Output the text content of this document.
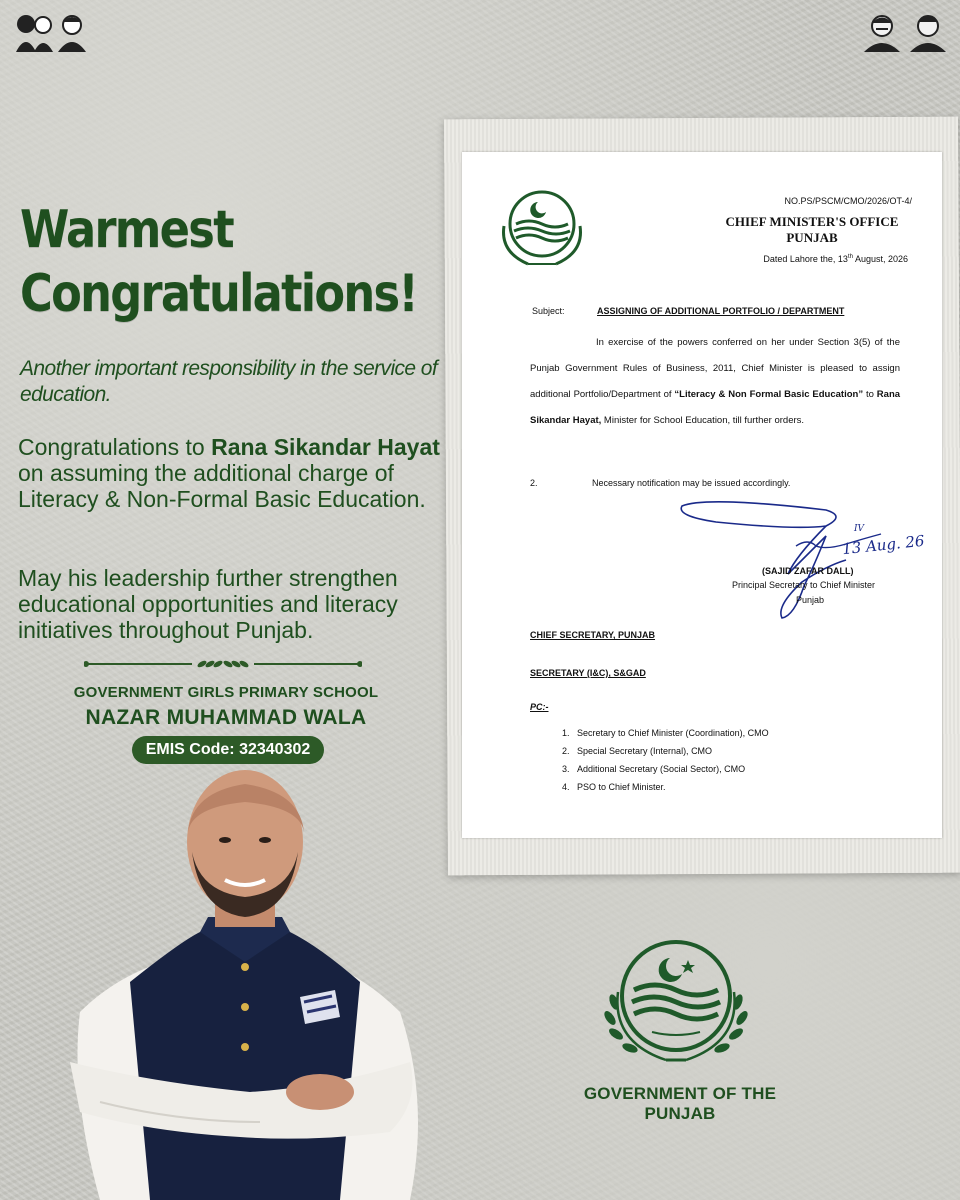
Warmest
Congratulations!
Another important responsibility in the service of education.
Congratulations to Rana Sikandar Hayat on assuming the additional charge of Literacy & Non-Formal Basic Education.
May his leadership further strengthen educational opportunities and literacy initiatives throughout Punjab.
GOVERNMENT GIRLS PRIMARY SCHOOL
NAZAR MUHAMMAD WALA
EMIS Code: 32340302
NO.PS/PSCM/CMO/2026/OT-4/
CHIEF MINISTER'S OFFICE
PUNJAB
Dated Lahore the, 13th August, 2026
Subject:	ASSIGNING OF ADDITIONAL PORTFOLIO / DEPARTMENT
In exercise of the powers conferred on her under Section 3(5) of the Punjab Government Rules of Business, 2011, Chief Minister is pleased to assign additional Portfolio/Department of “Literacy & Non Formal Basic Education” to Rana Sikandar Hayat, Minister for School Education, till further orders.
2.	Necessary notification may be issued accordingly.
13 Aug. 26
IV
(SAJID ZAFAR DALL)
Principal Secretary to Chief Minister
Punjab
CHIEF SECRETARY, PUNJAB
SECRETARY (I&C), S&GAD
PC:-
1.   Secretary to Chief Minister (Coordination), CMO
2.   Special Secretary (Internal), CMO
3.   Additional Secretary (Social Sector), CMO
4.   PSO to Chief Minister.
GOVERNMENT OF THE PUNJAB
